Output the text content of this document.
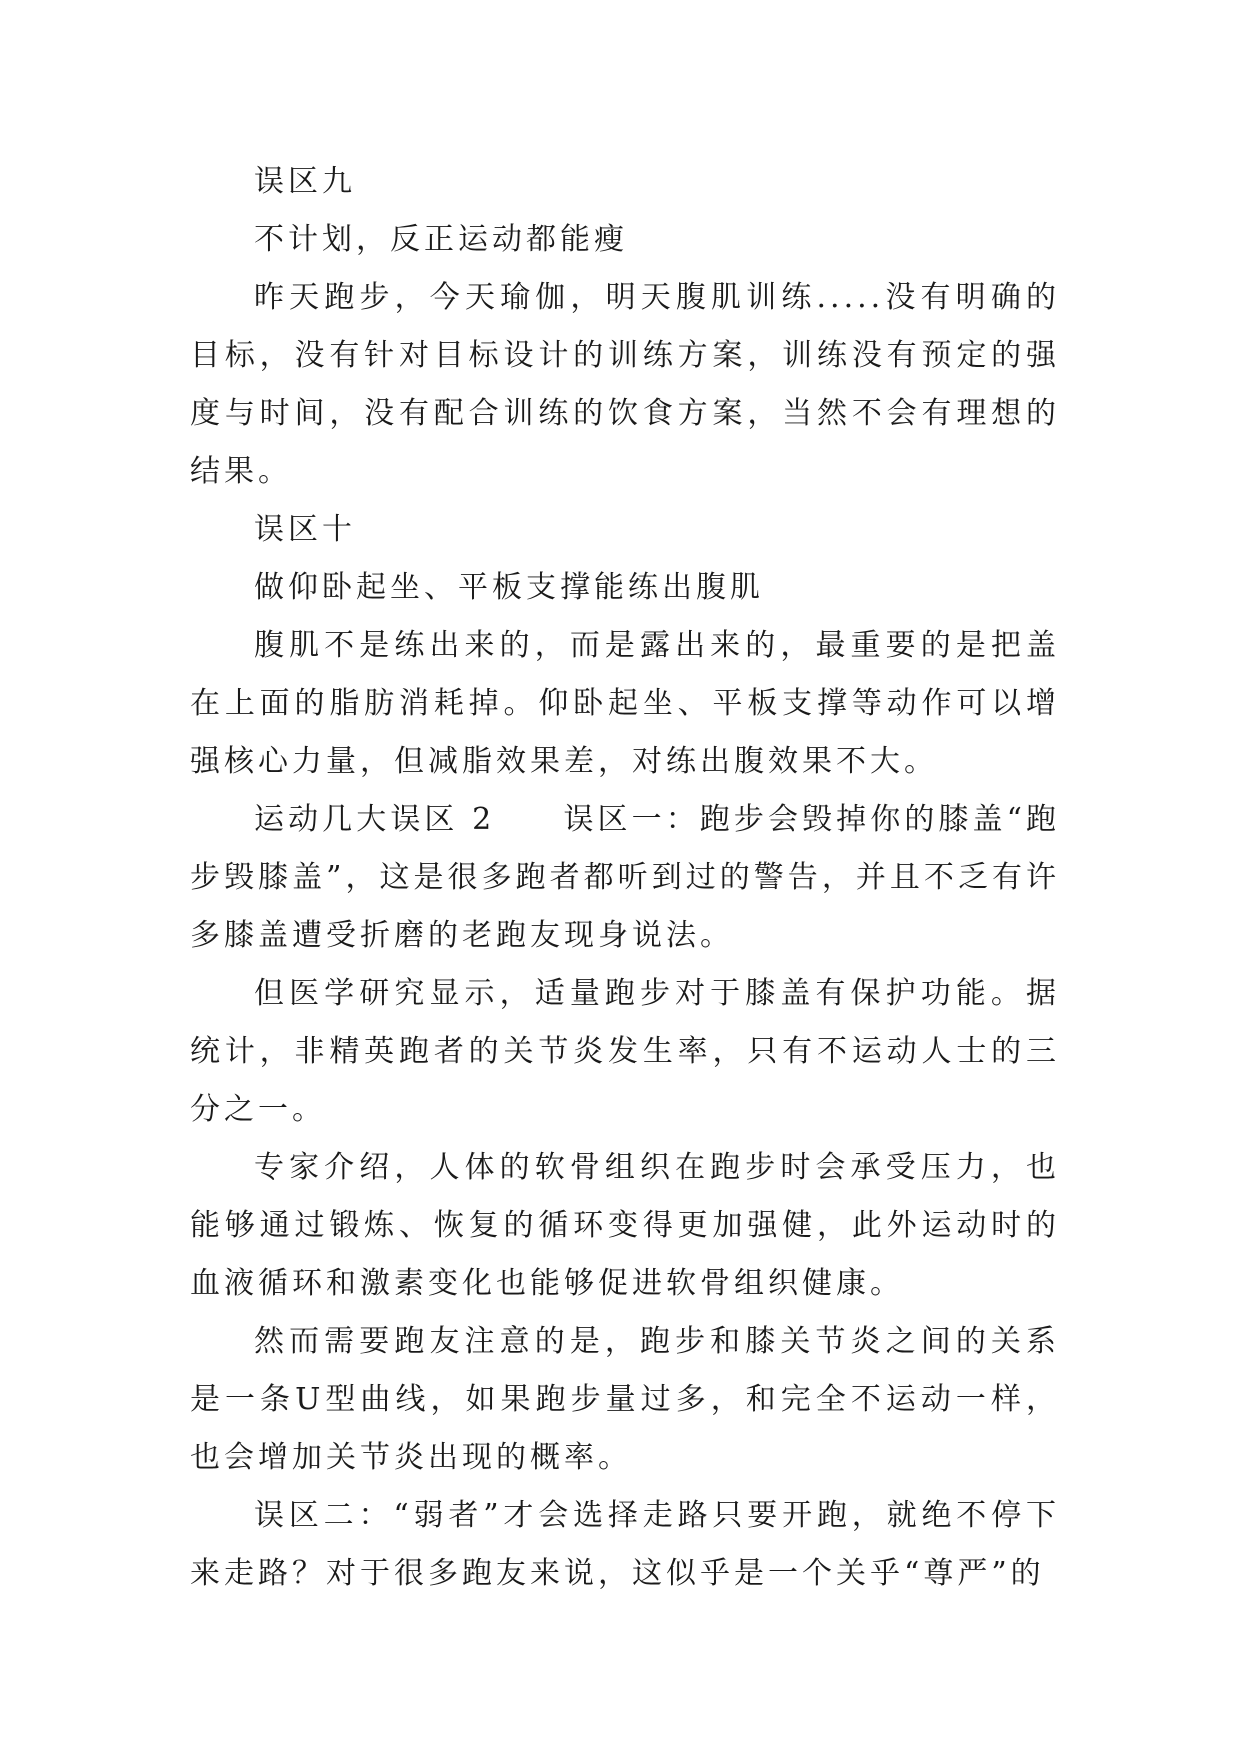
误区九

不计划，反正运动都能瘦

昨天跑步，今天瑜伽，明天腹肌训练.....没有明确的目标，没有针对目标设计的训练方案，训练没有预定的强度与时间，没有配合训练的饮食方案，当然不会有理想的结果。

误区十

做仰卧起坐、平板支撑能练出腹肌

腹肌不是练出来的，而是露出来的，最重要的是把盖在上面的脂肪消耗掉。仰卧起坐、平板支撑等动作可以增强核心力量，但减脂效果差，对练出腹效果不大。

运动几大误区 2　　误区一：跑步会毁掉你的膝盖“跑步毁膝盖”，这是很多跑者都听到过的警告，并且不乏有许多膝盖遭受折磨的老跑友现身说法。

但医学研究显示，适量跑步对于膝盖有保护功能。据统计，非精英跑者的关节炎发生率，只有不运动人士的三分之一。

专家介绍，人体的软骨组织在跑步时会承受压力，也能够通过锻炼、恢复的循环变得更加强健，此外运动时的血液循环和激素变化也能够促进软骨组织健康。

然而需要跑友注意的是，跑步和膝关节炎之间的关系是一条U型曲线，如果跑步量过多，和完全不运动一样，也会增加关节炎出现的概率。

误区二：“弱者”才会选择走路只要开跑，就绝不停下来走路？对于很多跑友来说，这似乎是一个关乎“尊严”的
